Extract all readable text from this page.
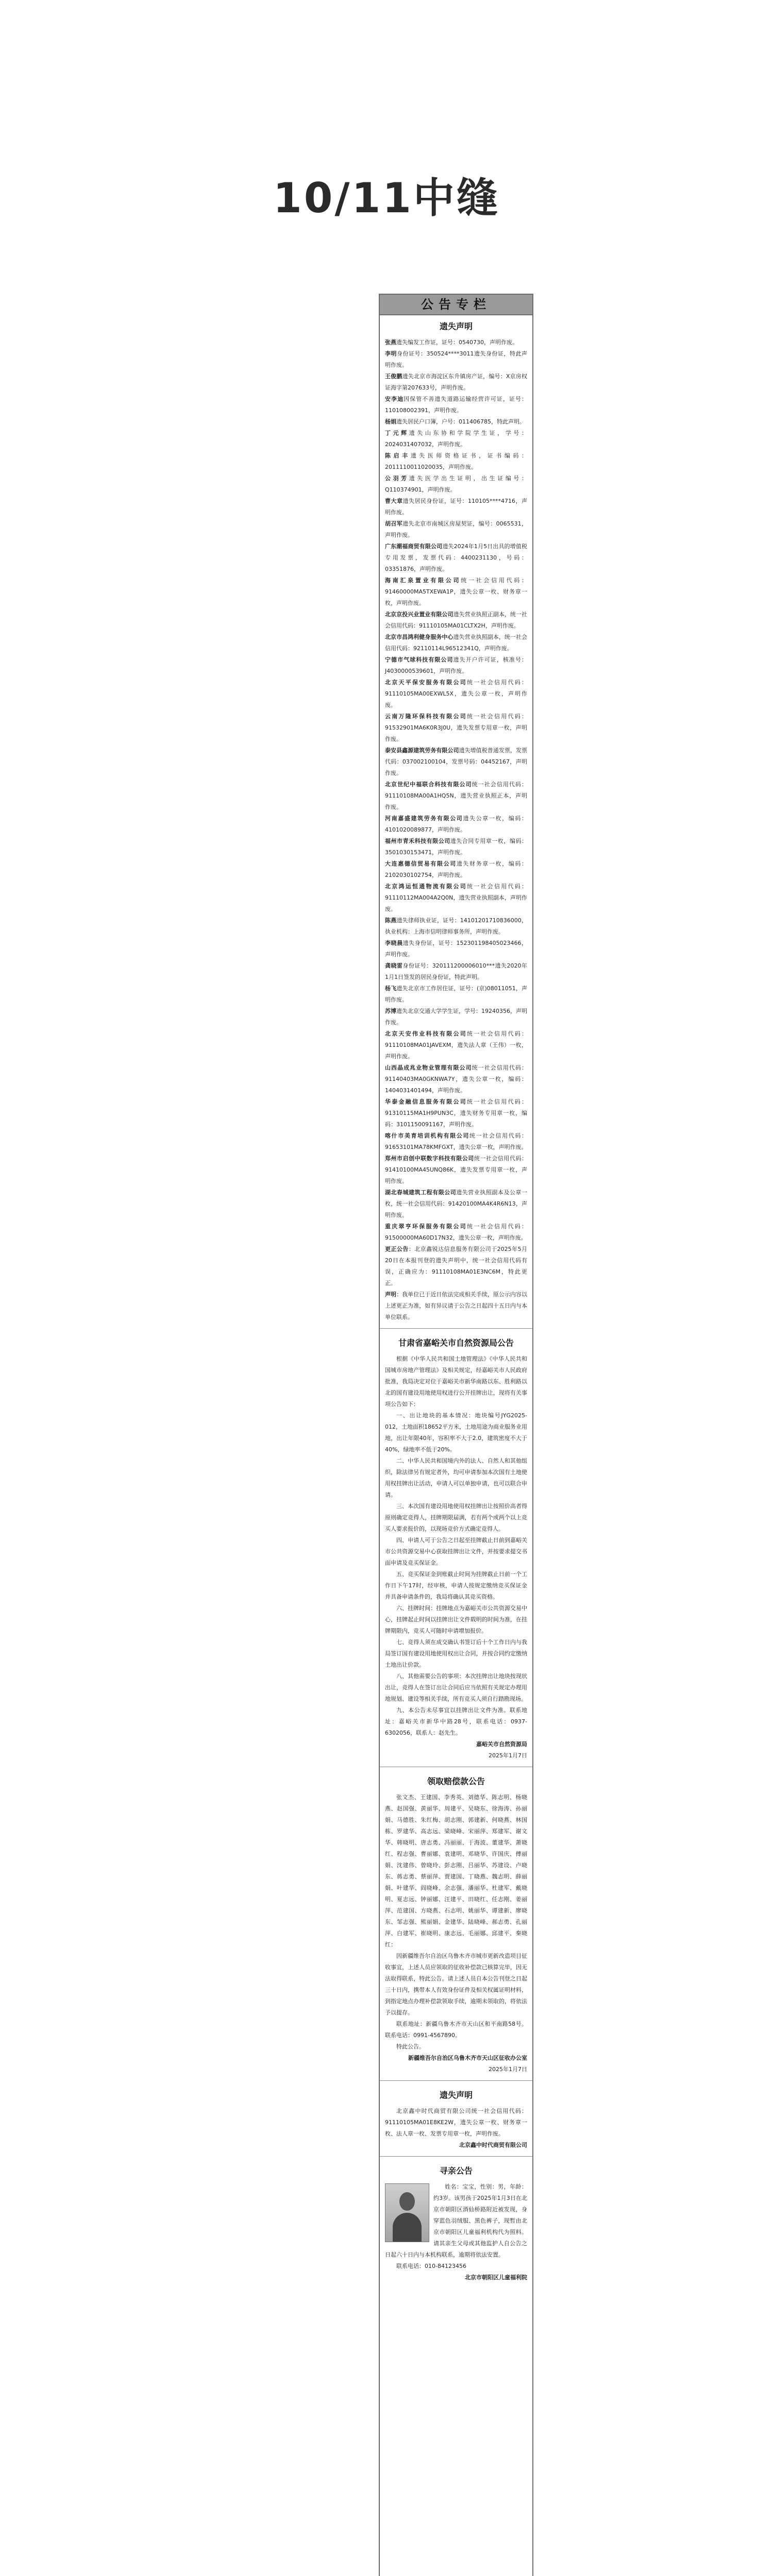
10/11中缝
公告专栏
遗失声明

张燕遗失编发工作证，证号：0540730，声明作废。

李明身份证号：350524****3011遗失身份证，特此声明作废。

王俊鹏遗失北京市海淀区东升镇房产证，编号：X京房权证海字第207633号，声明作废。

安李迪因保管不善遗失道路运输经营许可证，证号：110108002391，声明作废。

杨娟遗失居民户口簿，户号：011406785，特此声明。

丁元辉遗失山东协和学院学生证，学号：2024031407032，声明作废。

陈启丰遗失医师资格证书，证书编码：2011110011020035，声明作废。

公羽芳遗失医学出生证明，出生证编号：Q110374901，声明作废。

曹大章遗失居民身份证，证号：110105****4716，声明作废。

胡召军遗失北京市南城区房屋契证，编号：0065531，声明作废。

广东潮福商贸有限公司遗失2024年1月5日出具的增值税专用发票，发票代码：4400231130，号码：03351876，声明作废。

海南汇泉置业有限公司统一社会信用代码：91460000MA5TXEWA1P，遗失公章一枚、财务章一枚，声明作废。

北京京投兴业置业有限公司遗失营业执照正副本，统一社会信用代码：91110105MA01CLTX2H，声明作废。

北京市昌鸿利健身服务中心遗失营业执照副本，统一社会信用代码：92110114L96512341Q，声明作废。

宁德市气球科技有限公司遗失开户许可证，核准号：J4030000539601，声明作废。

北京天平保安服务有限公司统一社会信用代码：91110105MA00EXWL5X，遗失公章一枚，声明作废。

云南万隆环保科技有限公司统一社会信用代码：91532901MA6K0R3J0U，遗失发票专用章一枚，声明作废。

泰安县鑫源建筑劳务有限公司遗失增值税普通发票，发票代码：037002100104，发票号码：04452167，声明作废。

北京世纪中福联合科技有限公司统一社会信用代码：91110108MA00A1HQ5N，遗失营业执照正本，声明作废。

河南嘉盛建筑劳务有限公司遗失公章一枚，编码：4101020089877，声明作废。

福州市青禾科技有限公司遗失合同专用章一枚，编码：3501030153471，声明作废。

大连惠德信贸易有限公司遗失财务章一枚，编码：2102030102754，声明作废。

北京鸿运恒通物流有限公司统一社会信用代码：91110112MA004A2Q0N，遗失营业执照副本，声明作废。

陈燕遗失律师执业证，证号：14101201710836000，执业机构：上海市信明律师事务所，声明作废。

李晓晨遗失身份证，证号：152301198405023466，声明作废。

龚晓雷身份证号：320111200006010***遗失2020年1月1日签发的居民身份证，特此声明。

杨飞遗失北京市工作居住证，证号：(京)08011051，声明作废。

苏博遗失北京交通大学学生证，学号：19240356，声明作废。

北京天安伟业科技有限公司统一社会信用代码：91110108MA01JAVEXM，遗失法人章（王伟）一枚，声明作废。

山西晶成兆业物业管理有限公司统一社会信用代码：91140403MA0GKNWA7Y，遗失公章一枚，编码：1404031401494，声明作废。

华泰金融信息服务有限公司统一社会信用代码：91310115MA1H9PUN3C，遗失财务专用章一枚，编码：3101150091167，声明作废。

喀什市美育培训机构有限公司统一社会信用代码：91653101MA78KMFGXT，遗失公章一枚，声明作废。

郑州市启创中联数字科技有限公司统一社会信用代码：91410100MA45UNQ86K，遗失发票专用章一枚，声明作废。

湖北春城建筑工程有限公司遗失营业执照副本及公章一枚，统一社会信用代码：91420100MA4K4R6N13，声明作废。

重庆翠亨环保服务有限公司统一社会信用代码：91500000MA60D17N32，遗失公章一枚，声明作废。

更正公告：北京鑫锐达信息服务有限公司于2025年5月20日在本报刊登的遗失声明中，统一社会信用代码有误，正确应为：91110108MA01E3NC6M，特此更正。

声明：我单位已于近日依法完成相关手续，原公示内容以上述更正为准，如有异议请于公告之日起四十五日内与本单位联系。

甘肃省嘉峪关市自然资源局公告

根据《中华人民共和国土地管理法》《中华人民共和国城市房地产管理法》及相关规定，经嘉峪关市人民政府批准，我局决定对位于嘉峪关市新华南路以东、胜利路以北的国有建设用地使用权进行公开挂牌出让，现将有关事项公告如下：

一、出让地块的基本情况：地块编号JYG2025-012，土地面积18652平方米，土地用途为商业服务业用地，出让年限40年，容积率不大于2.0，建筑密度不大于40%，绿地率不低于20%。

二、中华人民共和国境内外的法人、自然人和其他组织，除法律另有规定者外，均可申请参加本次国有土地使用权挂牌出让活动，申请人可以单独申请，也可以联合申请。

三、本次国有建设用地使用权挂牌出让按照价高者得原则确定竞得人，挂牌期限届满，若有两个或两个以上竞买人要求报价的，以现场竞价方式确定竞得人。

四、申请人可于公告之日起至挂牌截止日前到嘉峪关市公共资源交易中心获取挂牌出让文件，并按要求提交书面申请及竞买保证金。

五、竞买保证金到账截止时间为挂牌截止日前一个工作日下午17时，经审核，申请人按规定缴纳竞买保证金并具备申请条件的，我局将确认其竞买资格。

六、挂牌时间：挂牌地点为嘉峪关市公共资源交易中心，挂牌起止时间以挂牌出让文件载明的时间为准，在挂牌期限内，竞买人可随时申请增加报价。

七、竞得人须在成交确认书签订后十个工作日内与我局签订国有建设用地使用权出让合同，并按合同约定缴纳土地出让价款。

八、其他需要公告的事项：本次挂牌出让地块按现状出让，竞得人在签订出让合同后应当依照有关规定办理用地规划、建设等相关手续，所有竞买人须自行踏勘现场。

九、本公告未尽事宜以挂牌出让文件为准。联系地址：嘉峪关市新华中路28号，联系电话：0937-6302056，联系人：赵先生。

嘉峪关市自然资源局
2025年1月7日
领取赔偿款公告

张文杰、王建国、李秀英、刘德华、陈志明、杨晓燕、赵国强、黄丽华、周建平、吴晓东、徐海涛、孙丽娟、马德胜、朱红梅、胡志刚、郭建新、何晓燕、林国栋、罗建华、高志远、梁晓峰、宋丽萍、郑建军、谢文华、韩晓明、唐志勇、冯丽丽、于海波、董建华、萧晓红、程志强、曹丽娜、袁建明、邓晓华、许国庆、傅丽娟、沈建伟、曾晓玲、彭志刚、吕丽华、苏建设、卢晓东、蒋志勇、蔡丽萍、贾建国、丁晓燕、魏志明、薛丽娟、叶建华、阎晓峰、余志强、潘丽华、杜建军、戴晓明、夏志远、钟丽娜、汪建平、田晓红、任志刚、姜丽萍、范建国、方晓燕、石志明、姚丽华、谭建新、廖晓东、邹志强、熊丽娟、金建华、陆晓峰、郝志勇、孔丽萍、白建军、崔晓明、康志远、毛丽娜、邱建平、秦晓红：

因新疆维吾尔自治区乌鲁木齐市城市更新改造项目征收事宜，上述人员应领取的征收补偿款已核算完毕，因无法取得联系，特此公告。请上述人员自本公告刊登之日起三十日内，携带本人有效身份证件及相关权属证明材料，到指定地点办理补偿款领取手续，逾期未领取的，将依法予以提存。

联系地址：新疆乌鲁木齐市天山区和平南路58号。联系电话：0991-4567890。

特此公告。

新疆维吾尔自治区乌鲁木齐市天山区征收办公室
2025年1月7日
遗失声明

北京鑫中时代商贸有限公司统一社会信用代码：91110105MA01E8KE2W，遗失公章一枚、财务章一枚、法人章一枚、发票专用章一枚，声明作废。

北京鑫中时代商贸有限公司
寻亲公告

姓名：宝宝，性别：男，年龄：约3岁。该男孩于2025年1月3日在北京市朝阳区酒仙桥路附近被发现，身穿蓝色羽绒服、黑色裤子，现暂由北京市朝阳区儿童福利机构代为照料。请其亲生父母或其他监护人自公告之日起六十日内与本机构联系，逾期将依法安置。

联系电话：010-84123456

北京市朝阳区儿童福利院
